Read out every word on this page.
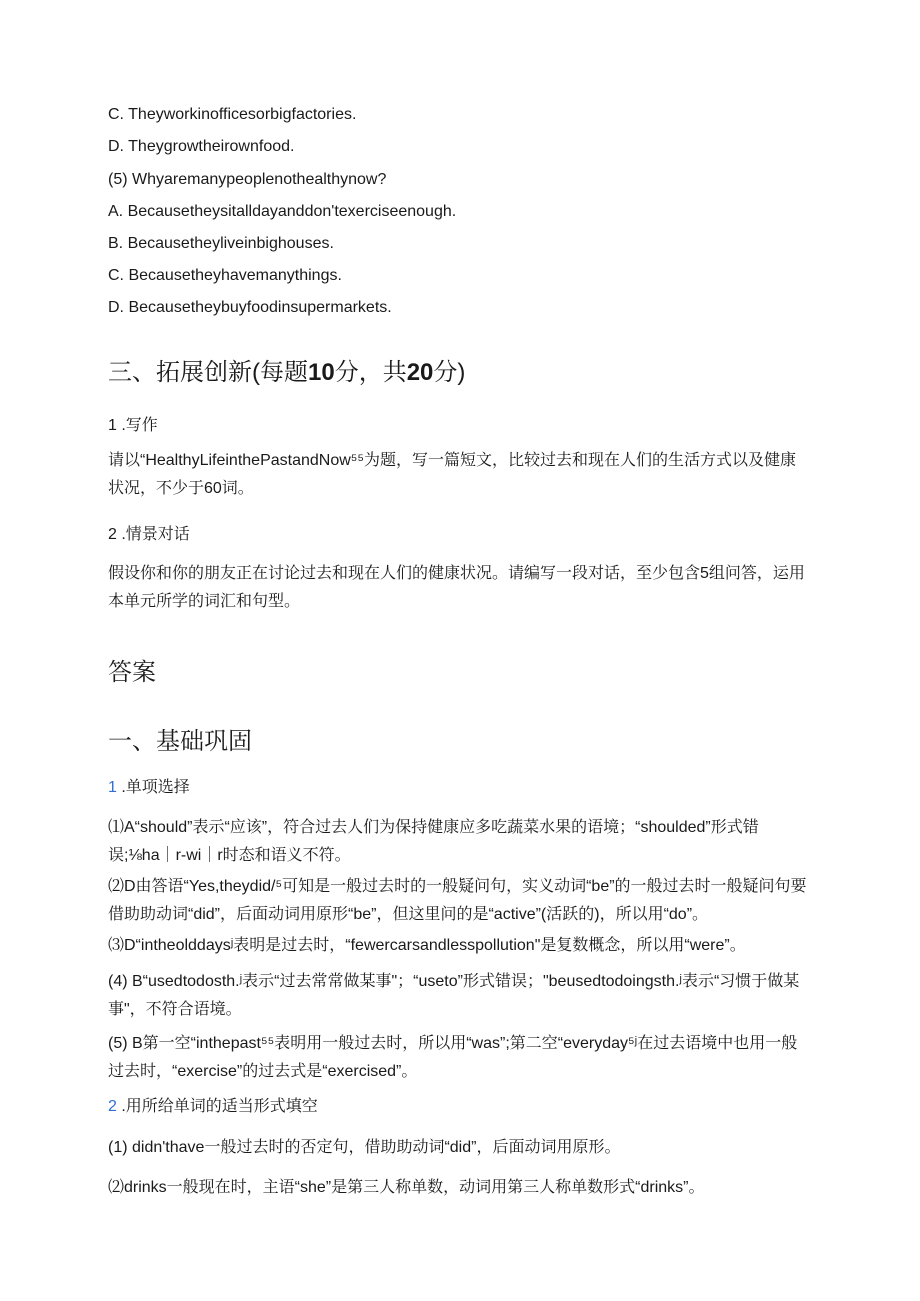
C. Theyworkinofficesorbigfactories.
D. Theygrowtheirownfood.
(5) Whyaremanypeoplenothealthynow?
A. Becausetheysitalldayanddon'texerciseenough.
B. Becausetheyliveinbighouses.
C. Becausetheyhavemanythings.
D. Becausetheybuyfoodinsupermarkets.
三、拓展创新(每题10分，共20分)
1 .写作
请以“HealthyLifeinthePastandNow⁵⁵为题，写一篇短文，比较过去和现在人们的生活方式以及健康状况，不少于60词。
2 .情景对话
假设你和你的朋友正在讨论过去和现在人们的健康状况。请编写一段对话，至少包含5组问答，运用本单元所学的词汇和句型。
答案
一、基础巩固
1 .单项选择
⑴A“should”表示“应该”，符合过去人们为保持健康应多吃蔬菜水果的语境；“shoulded”形式错误;⅛ha｜r-wi｜r时态和语义不符。
⑵D由答语“Yes,theydid/⁵可知是一般过去时的一般疑问句，实义动词“be”的一般过去时一般疑问句要借助助动词“did”，后面动词用原形“be”，但这里问的是“active”(活跃的)，所以用“do”。
⑶D“intheolddaysʲ表明是过去时，“fewercarsandlesspollution"是复数概念，所以用“were”。
(4) B“usedtodosth.ʲ表示“过去常常做某事"；“useto”形式错误；"beusedtodoingsth.ʲ表示“习惯于做某事"，不符合语境。
(5) B第一空“inthepast⁵⁵表明用一般过去时，所以用“was”;第二空“everyday⁵ʲ在过去语境中也用一般过去时，“exercise”的过去式是“exercised”。
2 .用所给单词的适当形式填空
(1) didn'thave一般过去时的否定句，借助助动词“did”，后面动词用原形。
⑵drinks一般现在时，主语“she”是第三人称单数，动词用第三人称单数形式“drinks”。
